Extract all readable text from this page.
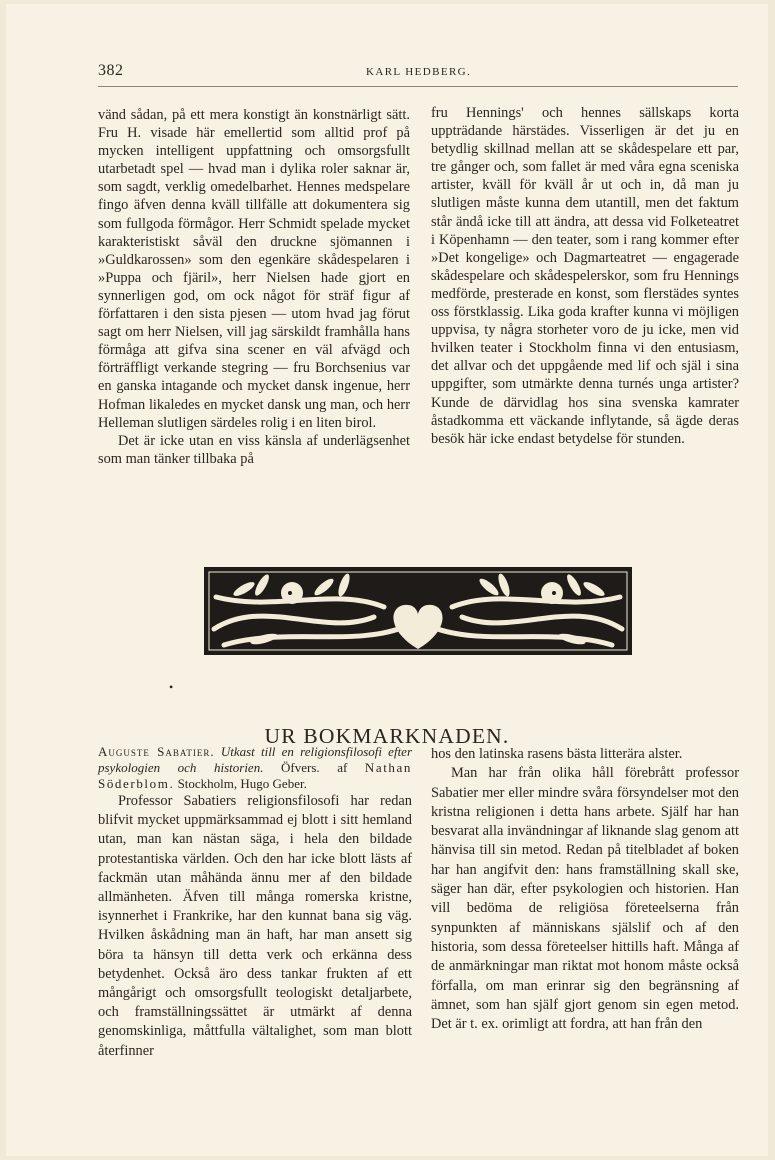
382	KARL HEDBERG.

vänd sådan, på ett mera konstigt än konstnärligt sätt. Fru H. visade här emellertid som alltid prof på mycken intelligent uppfattning och omsorgsfullt utarbetadt spel — hvad man i dylika roler saknar är, som sagdt, verklig omedelbarhet. Hennes medspelare fingo äfven denna kväll tillfälle att dokumentera sig som fullgoda förmågor. Herr Schmidt spelade mycket karakteristiskt såväl den druckne sjömannen i »Guldkarossen» som den egenkäre skådespelaren i »Puppa och fjäril», herr Nielsen hade gjort en synnerligen god, om ock något för sträf figur af författaren i den sista pjesen — utom hvad jag förut sagt om herr Nielsen, vill jag särskildt framhålla hans förmåga att gifva sina scener en väl afvägd och förträffligt verkande stegring — fru Borchsenius var en ganska intagande och mycket dansk ingenue, herr Hofman likaledes en mycket dansk ung man, och herr Helleman slutligen särdeles rolig i en liten birol.

Det är icke utan en viss känsla af underlägsenhet som man tänker tillbaka på

fru Hennings' och hennes sällskaps korta uppträdande härstädes. Visserligen är det ju en betydlig skillnad mellan att se skådespelare ett par, tre gånger och, som fallet är med våra egna sceniska artister, kväll för kväll år ut och in, då man ju slutligen måste kunna dem utantill, men det faktum står ändå icke till att ändra, att dessa vid Folketeatret i Köpenhamn — den teater, som i rang kommer efter »Det kongelige» och Dagmarteatret — engagerade skådespelare och skådespelerskor, som fru Hennings medförde, presterade en konst, som flerstädes syntes oss förstklassig. Lika goda krafter kunna vi möjligen uppvisa, ty några storheter voro de ju icke, men vid hvilken teater i Stockholm finna vi den entusiasm, det allvar och det uppgående med lif och själ i sina uppgifter, som utmärkte denna turnés unga artister? Kunde de därvidlag hos sina svenska kamrater åstadkomma ett väckande inflytande, så ägde deras besök här icke endast betydelse för stunden.

•
UR BOKMARKNADEN.

Auguste Sabatier. Utkast till en religionsfilosofi efter psykologien och historien. Öfvers. af Nathan Söderblom. Stockholm, Hugo Geber.

Professor Sabatiers religionsfilosofi har redan blifvit mycket uppmärksammad ej blott i sitt hemland utan, man kan nästan säga, i hela den bildade protestantiska världen. Och den har icke blott lästs af fackmän utan måhända ännu mer af den bildade allmänheten. Äfven till många romerska kristne, isynnerhet i Frankrike, har den kunnat bana sig väg. Hvilken åskådning man än haft, har man ansett sig böra ta hänsyn till detta verk och erkänna dess betydenhet. Också äro dess tankar frukten af ett mångårigt och omsorgsfullt teologiskt detaljarbete, och framställningssättet är utmärkt af denna genomskinliga, måttfulla vältalighet, som man blott återfinner

hos den latinska rasens bästa litterära alster.

Man har från olika håll förebrått professor Sabatier mer eller mindre svåra försyndelser mot den kristna religionen i detta hans arbete. Själf har han besvarat alla invändningar af liknande slag genom att hänvisa till sin metod. Redan på titelbladet af boken har han angifvit den: hans framställning skall ske, säger han där, efter psykologien och historien. Han vill bedöma de religiösa företeelserna från synpunkten af människans själslif och af den historia, som dessa företeelser hittills haft. Många af de anmärkningar man riktat mot honom måste också förfalla, om man erinrar sig den begränsning af ämnet, som han själf gjort genom sin egen metod. Det är t. ex. orimligt att fordra, att han från den
